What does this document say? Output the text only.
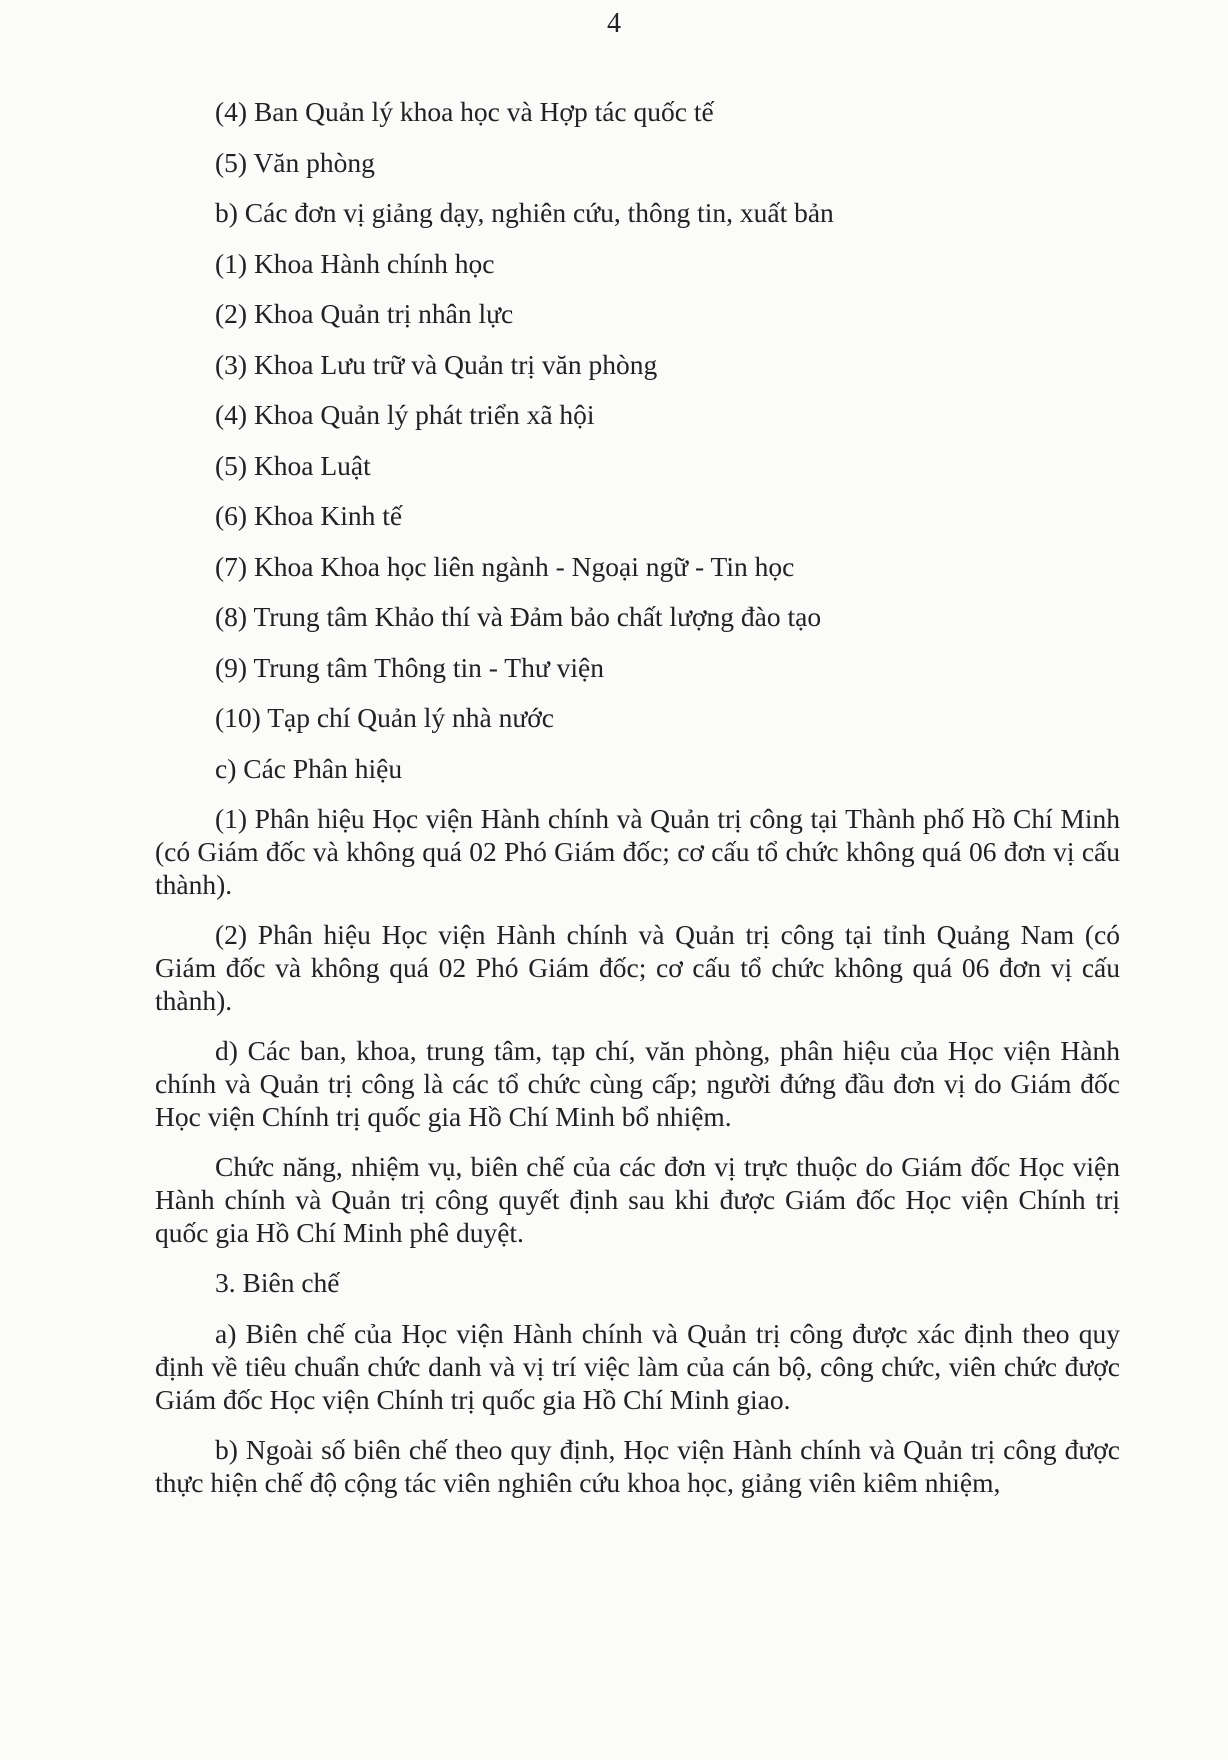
4
(4) Ban Quản lý khoa học và Hợp tác quốc tế
(5) Văn phòng
b) Các đơn vị giảng dạy, nghiên cứu, thông tin, xuất bản
(1) Khoa Hành chính học
(2) Khoa Quản trị nhân lực
(3) Khoa Lưu trữ và Quản trị văn phòng
(4) Khoa Quản lý phát triển xã hội
(5) Khoa Luật
(6) Khoa Kinh tế
(7) Khoa Khoa học liên ngành - Ngoại ngữ - Tin học
(8) Trung tâm Khảo thí và Đảm bảo chất lượng đào tạo
(9) Trung tâm Thông tin - Thư viện
(10) Tạp chí Quản lý nhà nước
c) Các Phân hiệu

(1) Phân hiệu Học viện Hành chính và Quản trị công tại Thành phố Hồ Chí Minh (có Giám đốc và không quá 02 Phó Giám đốc; cơ cấu tổ chức không quá 06 đơn vị cấu thành).

(2) Phân hiệu Học viện Hành chính và Quản trị công tại tỉnh Quảng Nam (có Giám đốc và không quá 02 Phó Giám đốc; cơ cấu tổ chức không quá 06 đơn vị cấu thành).

d) Các ban, khoa, trung tâm, tạp chí, văn phòng, phân hiệu của Học viện Hành chính và Quản trị công là các tổ chức cùng cấp; người đứng đầu đơn vị do Giám đốc Học viện Chính trị quốc gia Hồ Chí Minh bổ nhiệm.

Chức năng, nhiệm vụ, biên chế của các đơn vị trực thuộc do Giám đốc Học viện Hành chính và Quản trị công quyết định sau khi được Giám đốc Học viện Chính trị quốc gia Hồ Chí Minh phê duyệt.

3. Biên chế

a) Biên chế của Học viện Hành chính và Quản trị công được xác định theo quy định về tiêu chuẩn chức danh và vị trí việc làm của cán bộ, công chức, viên chức được Giám đốc Học viện Chính trị quốc gia Hồ Chí Minh giao.

b) Ngoài số biên chế theo quy định, Học viện Hành chính và Quản trị công được thực hiện chế độ cộng tác viên nghiên cứu khoa học, giảng viên kiêm nhiệm,
